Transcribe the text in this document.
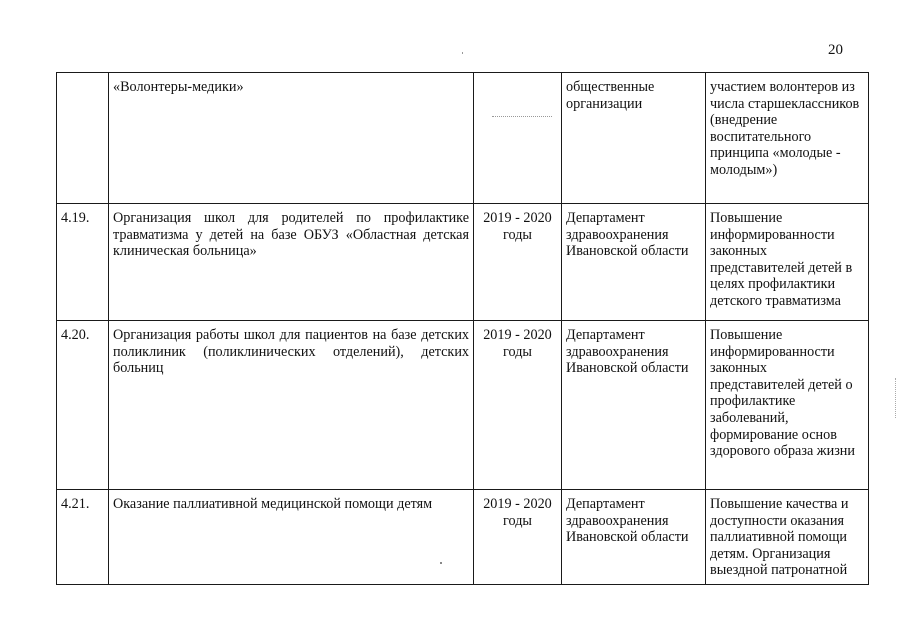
20
	«Волонтеры-медики»		общественные организации	участием волонтеров из числа старшеклассников (внедрение воспитательного принципа «молодые - молодым»)
4.19.	Организация школ для родителей по профилактике травматизма у детей на базе ОБУЗ «Областная детская клиническая больница»	2019 - 2020 годы	Департамент здравоохранения Ивановской области	Повышение информированности законных представителей детей в целях профилактики детского травматизма
4.20.	Организация работы школ для пациентов на базе детских поликлиник (поликлинических отделений), детских больниц	2019 - 2020 годы	Департамент здравоохранения Ивановской области	Повышение информированности законных представителей детей о профилактике заболеваний, формирование основ здорового образа жизни
4.21.	Оказание паллиативной медицинской помощи детям	2019 - 2020 годы	Департамент здравоохранения Ивановской области	Повышение качества и доступности оказания паллиативной помощи детям. Организация выездной патронатной
